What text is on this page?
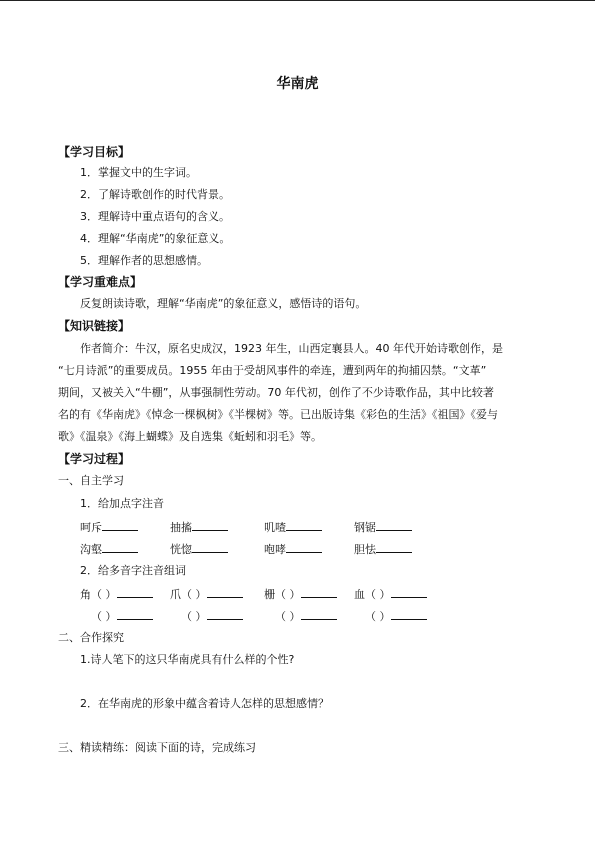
华南虎
【学习目标】
1．掌握文中的生字词。
2．了解诗歌创作的时代背景。
3．理解诗中重点语句的含义。
4．理解“华南虎”的象征意义。
5．理解作者的思想感情。
【学习重难点】
反复朗读诗歌，理解“华南虎”的象征意义，感悟诗的语句。
【知识链接】
作者简介：牛汉，原名史成汉，1923 年生，山西定襄县人。40 年代开始诗歌创作，是
“七月诗派”的重要成员。1955 年由于受胡风事件的牵连，遭到两年的拘捕囚禁。“文革”
期间，又被关入“牛棚”，从事强制性劳动。70 年代初，创作了不少诗歌作品，其中比较著
名的有《华南虎》《悼念一棵枫树》《半棵树》等。已出版诗集《彩色的生活》《祖国》《爱与
歌》《温泉》《海上蝴蝶》及自选集《蚯蚓和羽毛》等。
【学习过程】
一、自主学习
1．给加点字注音
呵斥	抽搐	叽喳	钢锯
沟壑	恍惚	咆哮	胆怯
2．给多音字注音组词
角（ ）	爪（ ）	栅（ ）	血（ ）
（ ）	（ ）	（ ）	（ ）
二、合作探究
1.诗人笔下的这只华南虎具有什么样的个性?
2．在华南虎的形象中蕴含着诗人怎样的思想感情？
三、精读精练：阅读下面的诗，完成练习
